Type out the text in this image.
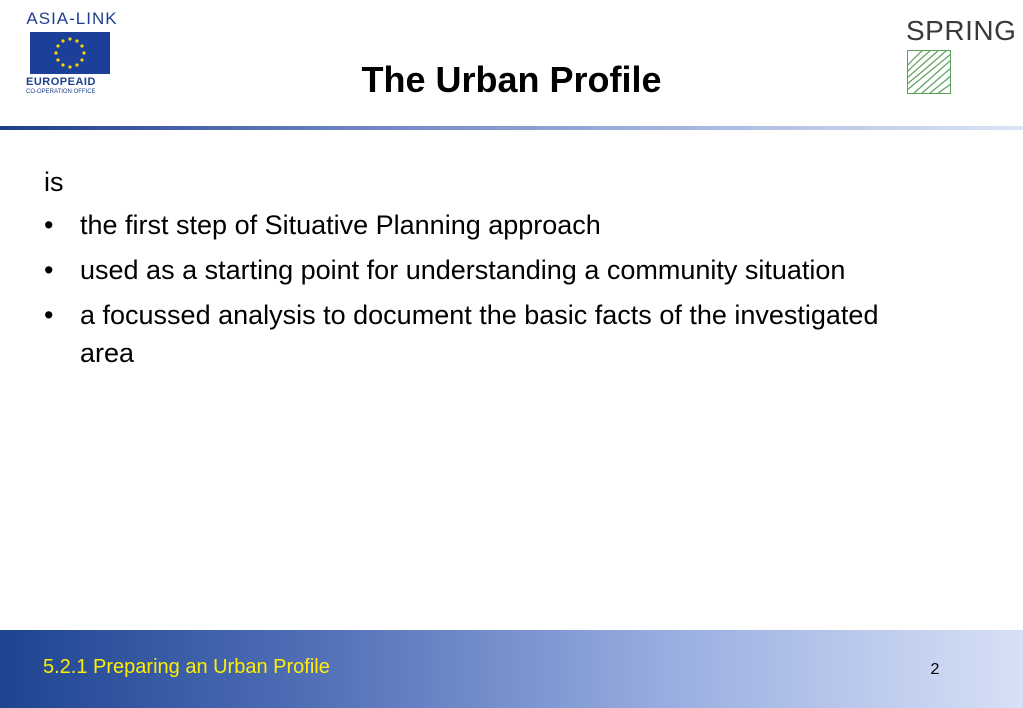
ASIA-LINK
EUROPEAID
CO-OPERATION OFFICE	The Urban Profile
SPRING
is
• the first step of Situative Planning approach
• used as a starting point for understanding a community situation
• a focussed analysis to document the basic facts of the investigated area
5.2.1 Preparing an Urban Profile	2
